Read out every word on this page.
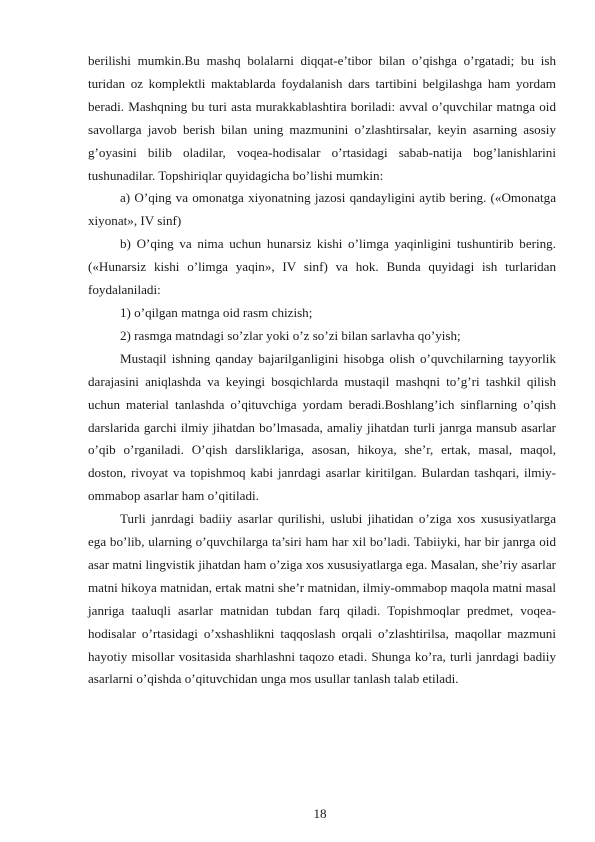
berilishi mumkin.Bu mashq bolalarni diqqat-e’tibor bilan o’qishga o’rgatadi; bu ish turidan oz komplektli maktablarda foydalanish dars tartibini belgilashga ham yordam beradi. Mashqning bu turi asta murakkablashtira boriladi: avval o’quvchilar matnga oid savollarga javob berish bilan uning mazmunini o’zlashtirsalar, keyin asarning asosiy g’oyasini bilib oladilar, voqea-hodisalar o’rtasidagi sabab-natija bog’lanishlarini tushunadilar. Topshiriqlar quyidagicha bo’lishi mumkin:

a) O’qing va omonatga xiyonatning jazosi qandayligini aytib bering. («Omonatga xiyonat», IV sinf)

b) O’qing va nima uchun hunarsiz kishi o’limga yaqinligini tushuntirib bering. («Hunarsiz kishi o’limga yaqin», IV sinf) va hok. Bunda quyidagi ish turlaridan foydalaniladi:

1) o’qilgan matnga oid rasm chizish;

2) rasmga matndagi so’zlar yoki o’z so’zi bilan sarlavha qo’yish;

Mustaqil ishning qanday bajarilganligini hisobga olish o’quvchilarning tayyorlik darajasini aniqlashda va keyingi bosqichlarda mustaqil mashqni to’g’ri tashkil qilish uchun material tanlashda o’qituvchiga yordam beradi.Boshlang’ich sinflarning o’qish darslarida garchi ilmiy jihatdan bo’lmasada, amaliy jihatdan turli janrga mansub asarlar o’qib o’rganiladi. O’qish darsliklariga, asosan, hikoya, she’r, ertak, masal, maqol, doston, rivoyat va topishmoq kabi janrdagi asarlar kiritilgan. Bulardan tashqari, ilmiy-ommabop asarlar ham o’qitiladi.

Turli janrdagi badiiy asarlar qurilishi, uslubi jihatidan o’ziga xos xususiyatlarga ega bo’lib, ularning o’quvchilarga ta’siri ham har xil bo’ladi. Tabiiyki, har bir janrga oid asar matni lingvistik jihatdan ham o’ziga xos xususiyatlarga ega. Masalan, she’riy asarlar matni hikoya matnidan, ertak matni she’r matnidan, ilmiy-ommabop maqola matni masal janriga taaluqli asarlar matnidan tubdan farq qiladi. Topishmoqlar predmet, voqea-hodisalar o’rtasidagi o’xshashlikni taqqoslash orqali o’zlashtirilsa, maqollar mazmuni hayotiy misollar vositasida sharhlashni taqozo etadi. Shunga ko’ra, turli janrdagi badiiy asarlarni o’qishda o’qituvchidan unga mos usullar tanlash talab etiladi.

18
